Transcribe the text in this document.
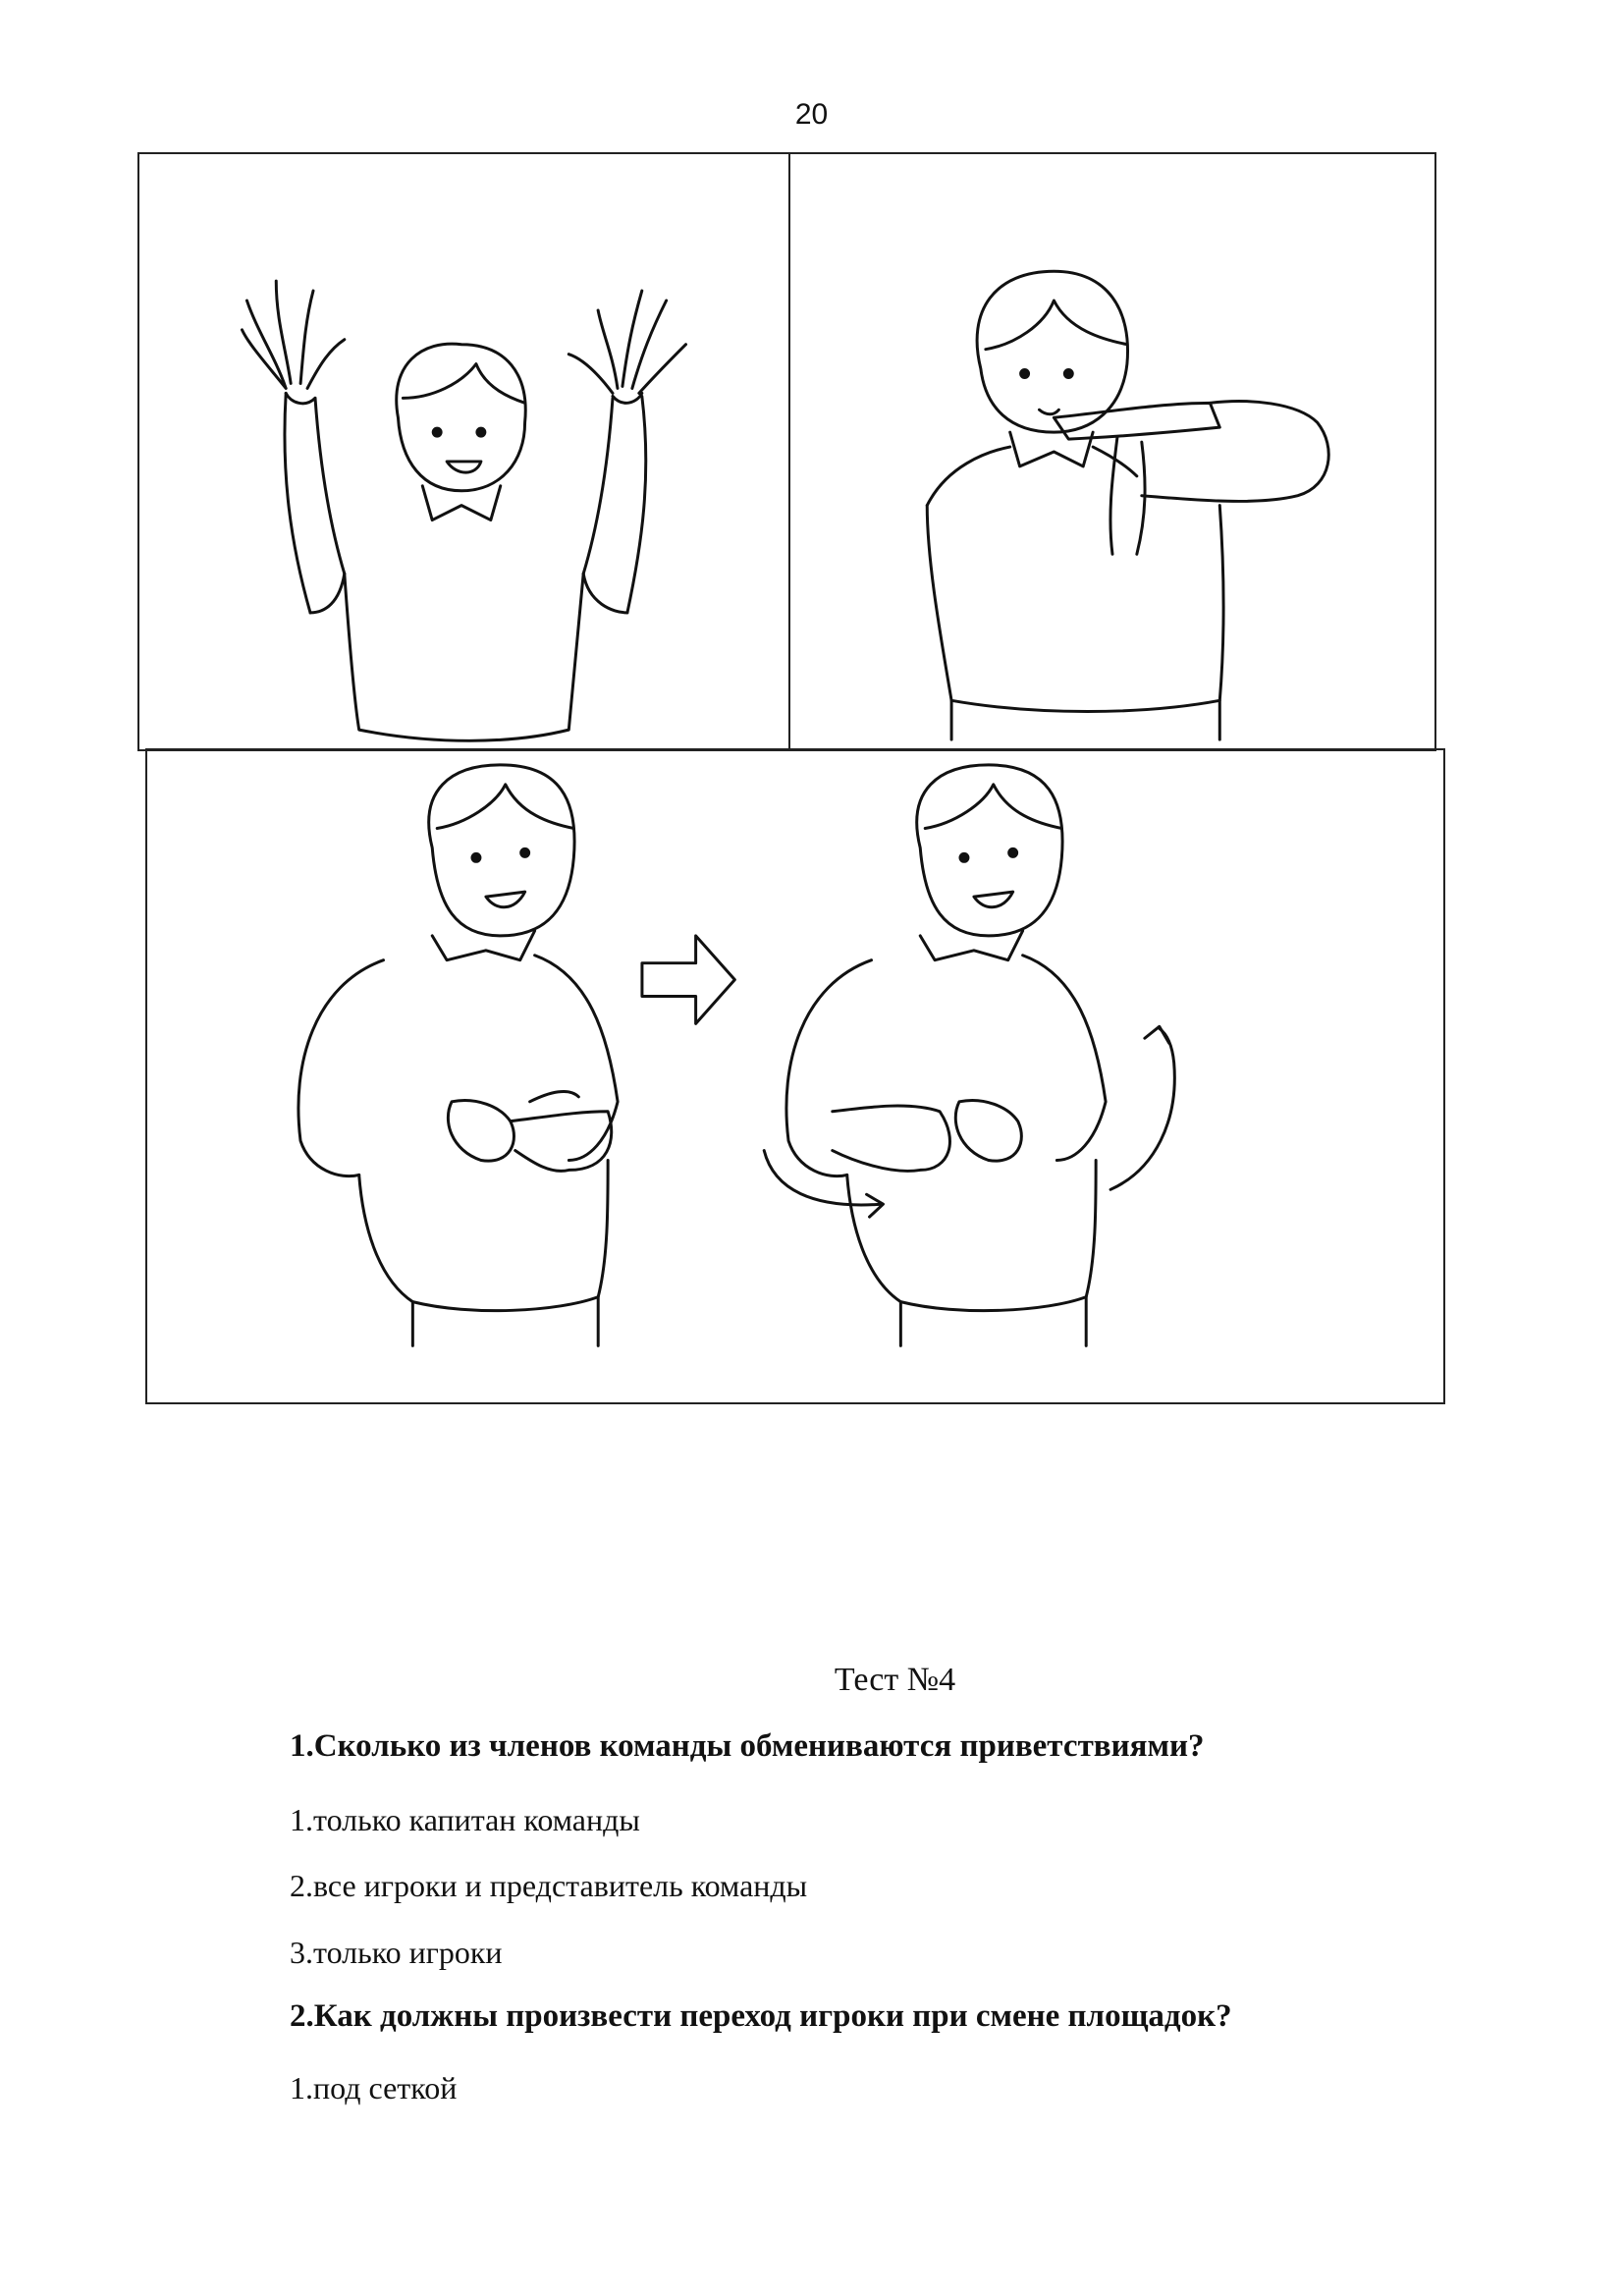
20
Тест №4
1.Сколько из членов команды обмениваются приветствиями?
1.только капитан команды
2.все игроки и представитель команды
3.только игроки
2.Как должны произвести переход игроки при смене площадок?
1.под сеткой
